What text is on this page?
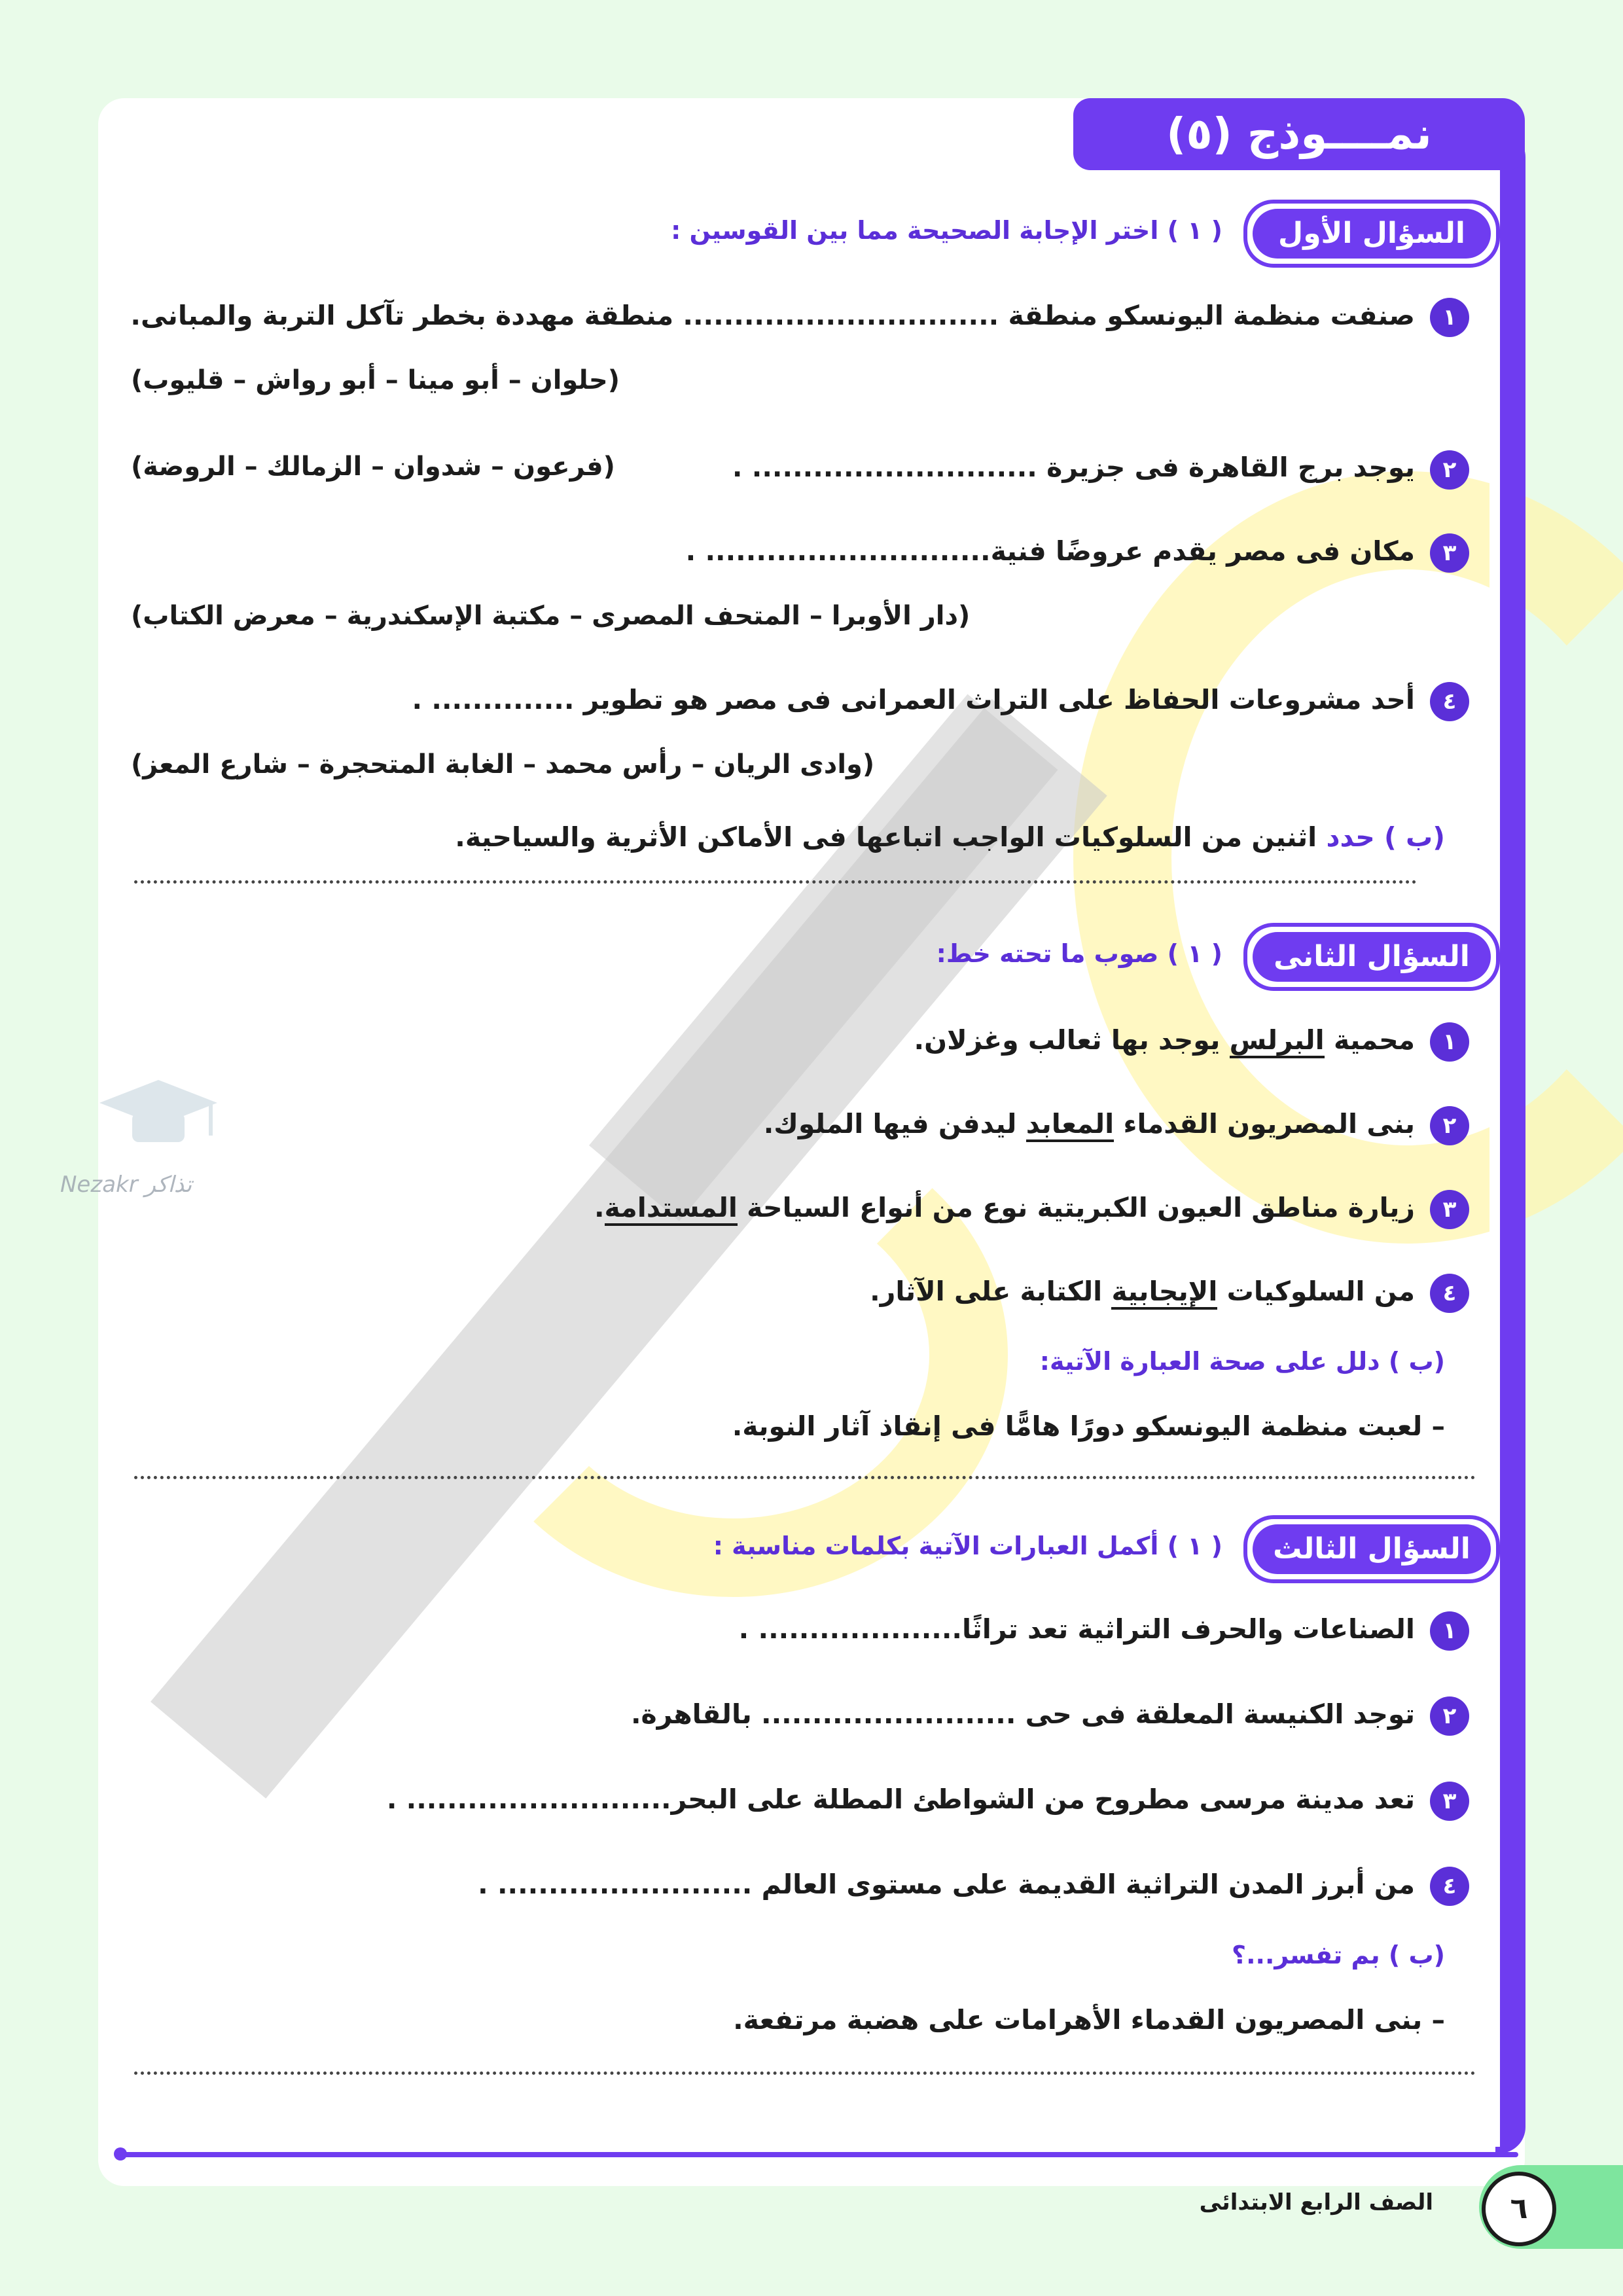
Nezakr تذاكر
نمــــوذج (٥)
السؤال الأول
( ١ ) اختر الإجابة الصحيحة مما بين القوسين :
١
صنفت منظمة اليونسكو منطقة ............................... منطقة مهددة بخطر تآكل التربة والمبانى.
(حلوان – أبو مينا – أبو رواش – قليوب)
٢
يوجد برج القاهرة فى جزيرة ............................ .
(فرعون – شدوان – الزمالك – الروضة)
٣
مكان فى مصر يقدم عروضًا فنية............................ .
(دار الأوبرا – المتحف المصرى – مكتبة الإسكندرية – معرض الكتاب)
٤
أحد مشروعات الحفاظ على التراث العمرانى فى مصر هو تطوير .............. .
(وادى الريان – رأس محمد – الغابة المتحجرة – شارع المعز)
(ب ) حدد اثنين من السلوكيات الواجب اتباعها فى الأماكن الأثرية والسياحية.
السؤال الثانى
( ١ ) صوب ما تحته خط:
١
محمية البرلس يوجد بها ثعالب وغزلان.
٢
بنى المصريون القدماء المعابد ليدفن فيها الملوك.
٣
زيارة مناطق العيون الكبريتية نوع من أنواع السياحة المستدامة.
٤
من السلوكيات الإيجابية الكتابة على الآثار.
(ب ) دلل على صحة العبارة الآتية:
– لعبت منظمة اليونسكو دورًا هامًّا فى إنقاذ آثار النوبة.
السؤال الثالث
( ١ ) أكمل العبارات الآتية بكلمات مناسبة :
١
الصناعات والحرف التراثية تعد تراثًا.................... .
٢
توجد الكنيسة المعلقة فى حى ......................... بالقاهرة.
٣
تعد مدينة مرسى مطروح من الشواطئ المطلة على البحر.......................... .
٤
من أبرز المدن التراثية القديمة على مستوى العالم ......................... .
(ب ) بم تفسر...؟
– بنى المصريون القدماء الأهرامات على هضبة مرتفعة.
٦
الصف الرابع الابتدائى
